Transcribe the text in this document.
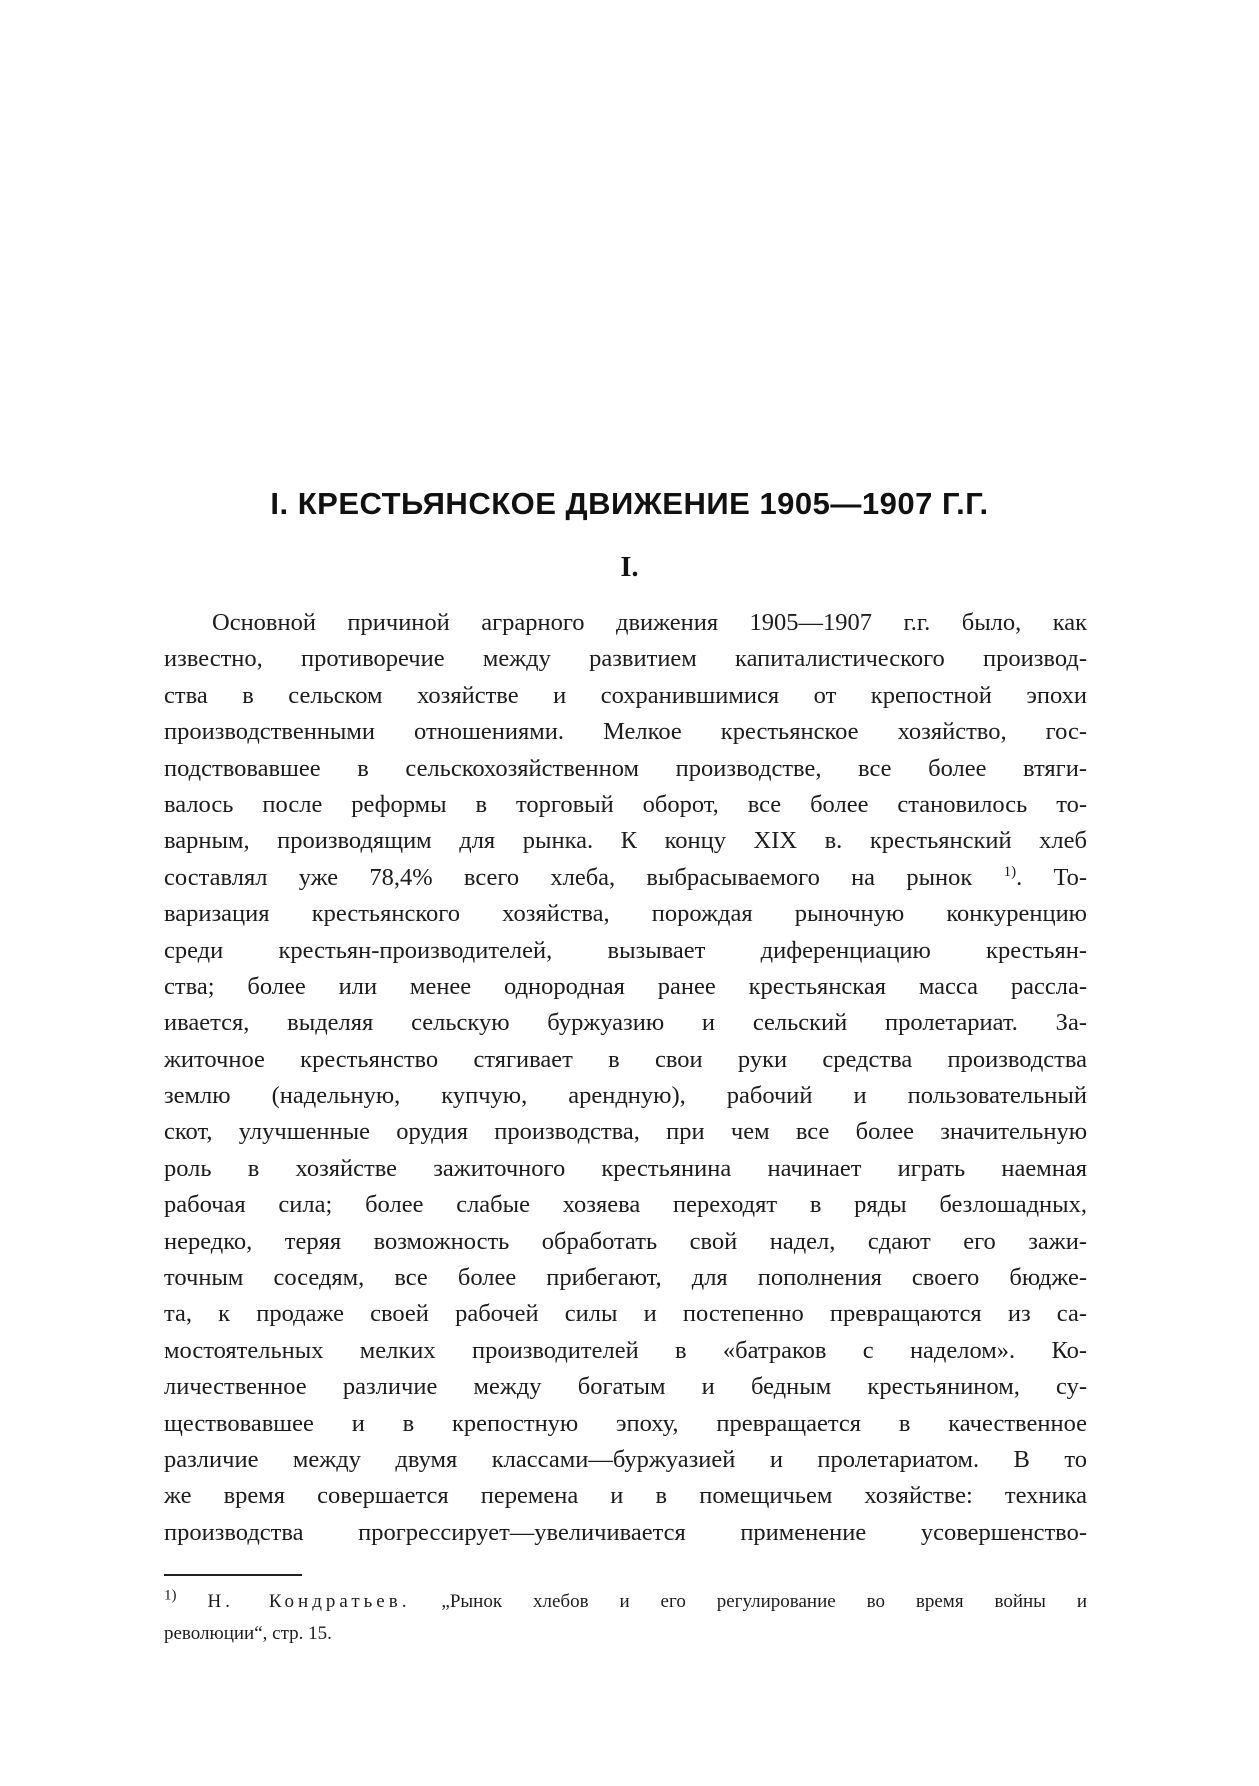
I. КРЕСТЬЯНСКОЕ ДВИЖЕНИЕ 1905—1907 Г.Г.
I.
Основной причиной аграрного движения 1905—1907 г.г. было, как
известно, противоречие между развитием капиталистического производ-
ства в сельском хозяйстве и сохранившимися от крепостной эпохи
производственными отношениями. Мелкое крестьянское хозяйство, гос-
подствовавшее в сельскохозяйственном производстве, все более втяги-
валось после реформы в торговый оборот, все более становилось то-
варным, производящим для рынка. К концу XIX в. крестьянский хлеб
составлял уже 78,4% всего хлеба, выбрасываемого на рынок $^{1)}$. То-
варизация крестьянского хозяйства, порождая рыночную конкуренцию
среди крестьян-производителей, вызывает диференциацию крестьян-
ства; более или менее однородная ранее крестьянская масса рассла-
ивается, выделяя сельскую буржуазию и сельский пролетариат. За-
житочное крестьянство стягивает в свои руки средства производства
землю (надельную, купчую, арендную), рабочий и пользовательный
скот, улучшенные орудия производства, при чем все более значительную
роль в хозяйстве зажиточного крестьянина начинает играть наемная
рабочая сила; более слабые хозяева переходят в ряды безлошадных,
нередко, теряя возможность обработать свой надел, сдают его зажи-
точным соседям, все более прибегают, для пополнения своего бюдже-
та, к продаже своей рабочей силы и постепенно превращаются из са-
мостоятельных мелких производителей в «батраков с наделом». Ко-
личественное различие между богатым и бедным крестьянином, су-
ществовавшее и в крепостную эпоху, превращается в качественное
различие между двумя классами—буржуазией и пролетариатом. В то
же время совершается перемена и в помещичьем хозяйстве: техника
производства прогрессирует—увеличивается применение усовершенство-
$^{1)}$ Н. Кондратьев. „Рынок хлебов и его регулирование во время войны и
революции“, стр. 15.
